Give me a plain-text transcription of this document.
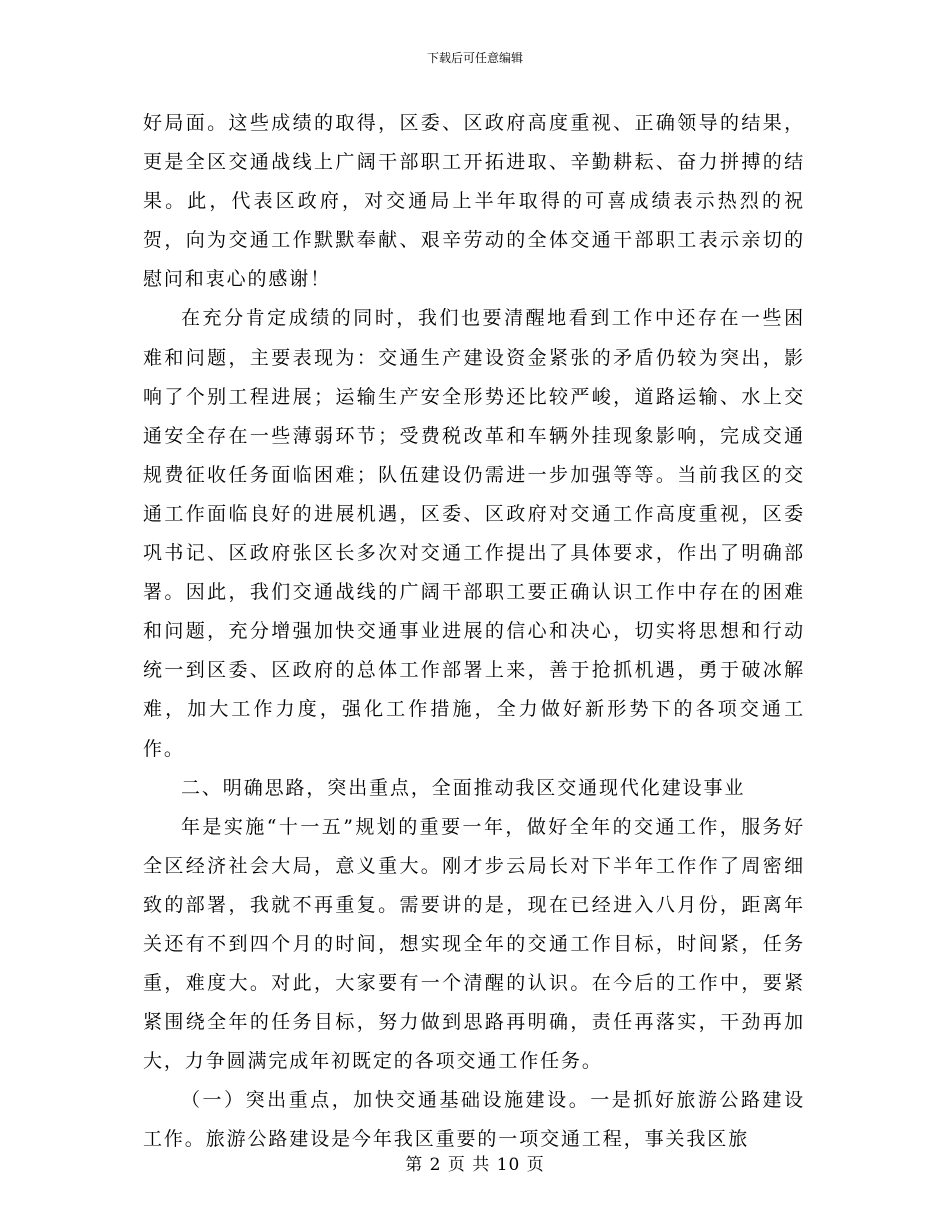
下载后可任意编辑

好局面。这些成绩的取得，区委、区政府高度重视、正确领导的结果，更是全区交通战线上广阔干部职工开拓进取、辛勤耕耘、奋力拼搏的结果。此，代表区政府，对交通局上半年取得的可喜成绩表示热烈的祝贺，向为交通工作默默奉献、艰辛劳动的全体交通干部职工表示亲切的慰问和衷心的感谢！

在充分肯定成绩的同时，我们也要清醒地看到工作中还存在一些困难和问题，主要表现为：交通生产建设资金紧张的矛盾仍较为突出，影响了个别工程进展；运输生产安全形势还比较严峻，道路运输、水上交通安全存在一些薄弱环节；受费税改革和车辆外挂现象影响，完成交通规费征收任务面临困难；队伍建设仍需进一步加强等等。当前我区的交通工作面临良好的进展机遇，区委、区政府对交通工作高度重视，区委巩书记、区政府张区长多次对交通工作提出了具体要求，作出了明确部署。因此，我们交通战线的广阔干部职工要正确认识工作中存在的困难和问题，充分增强加快交通事业进展的信心和决心，切实将思想和行动统一到区委、区政府的总体工作部署上来，善于抢抓机遇，勇于破冰解难，加大工作力度，强化工作措施，全力做好新形势下的各项交通工作。

二、明确思路，突出重点，全面推动我区交通现代化建设事业

年是实施“十一五”规划的重要一年，做好全年的交通工作，服务好全区经济社会大局，意义重大。刚才步云局长对下半年工作作了周密细致的部署，我就不再重复。需要讲的是，现在已经进入八月份，距离年关还有不到四个月的时间，想实现全年的交通工作目标，时间紧，任务重，难度大。对此，大家要有一个清醒的认识。在今后的工作中，要紧紧围绕全年的任务目标，努力做到思路再明确，责任再落实，干劲再加大，力争圆满完成年初既定的各项交通工作任务。

（一）突出重点，加快交通基础设施建设。一是抓好旅游公路建设工作。旅游公路建设是今年我区重要的一项交通工程，事关我区旅

第 2 页 共 10 页
